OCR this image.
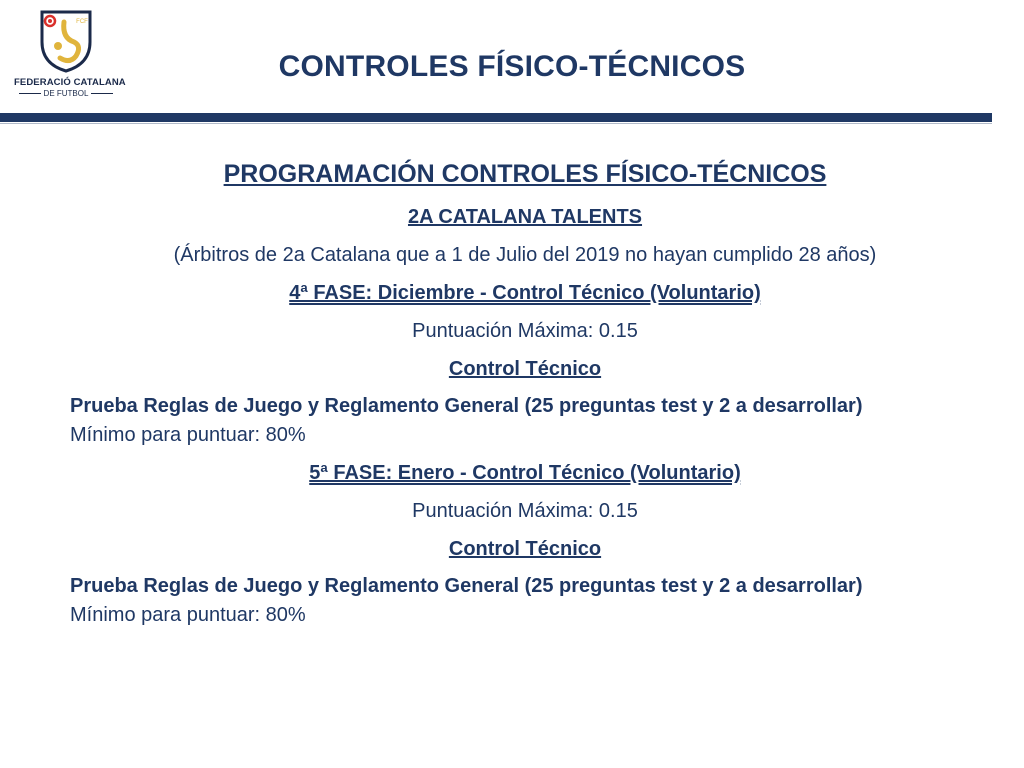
FCF
FEDERACIÓ CATALANA
DE FUTBOL
CONTROLES FÍSICO-TÉCNICOS
PROGRAMACIÓN CONTROLES FÍSICO-TÉCNICOS
2A CATALANA TALENTS
(Árbitros de 2a Catalana que a 1 de Julio del 2019 no hayan cumplido 28 años)
4ª FASE: Diciembre - Control Técnico (Voluntario)
Puntuación Máxima: 0.15
Control Técnico
Prueba Reglas de Juego y Reglamento General (25 preguntas test y 2 a desarrollar)
Mínimo para puntuar: 80%
5ª FASE: Enero - Control Técnico (Voluntario)
Puntuación Máxima: 0.15
Control Técnico
Prueba Reglas de Juego y Reglamento General (25 preguntas test y 2 a desarrollar)
Mínimo para puntuar: 80%
